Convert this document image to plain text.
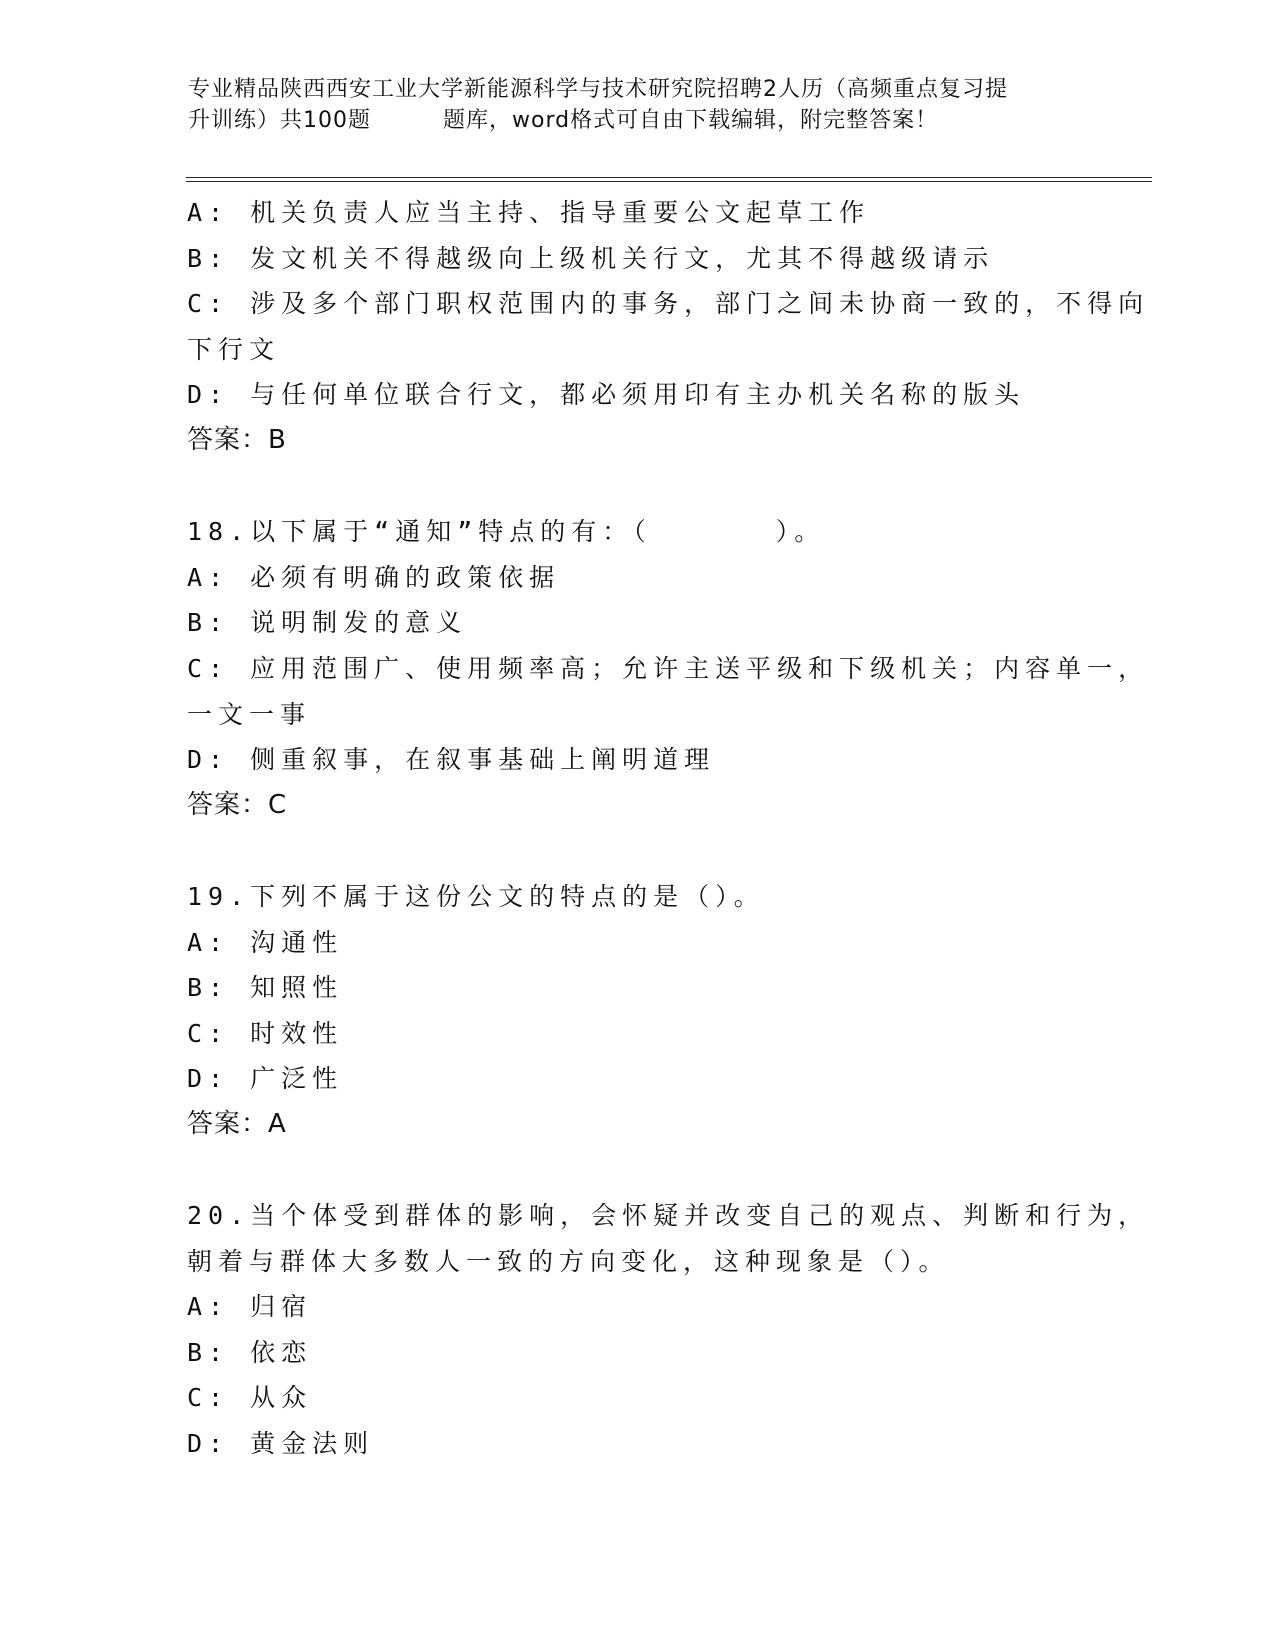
专业精品陕西西安工业大学新能源科学与技术研究院招聘2人历（高频重点复习提
升训练）共100题	题库，word格式可自由下载编辑，附完整答案！
A: 机关负责人应当主持、指导重要公文起草工作
B: 发文机关不得越级向上级机关行文，尤其不得越级请示
C: 涉及多个部门职权范围内的事务，部门之间未协商一致的，不得向
下行文
D: 与任何单位联合行文，都必须用印有主办机关名称的版头
答案：B
18.以下属于“通知”特点的有：（　　　　）。
A: 必须有明确的政策依据
B: 说明制发的意义
C: 应用范围广、使用频率高；允许主送平级和下级机关；内容单一，
一文一事
D: 侧重叙事，在叙事基础上阐明道理
答案：C
19.下列不属于这份公文的特点的是（）。
A: 沟通性
B: 知照性
C: 时效性
D: 广泛性
答案：A
20.当个体受到群体的影响，会怀疑并改变自己的观点、判断和行为，
朝着与群体大多数人一致的方向变化，这种现象是（）。
A: 归宿
B: 依恋
C: 从众
D: 黄金法则
